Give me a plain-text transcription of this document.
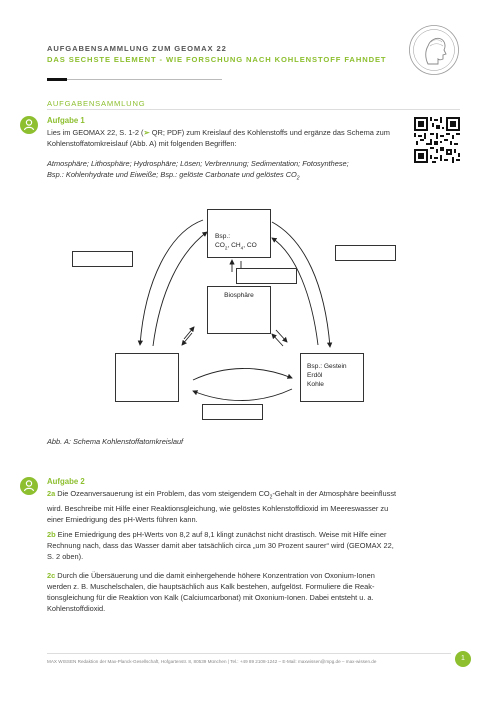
AUFGABENSAMMLUNG ZUM GEOMAX 22
DAS SECHSTE ELEMENT - WIE FORSCHUNG NACH KOHLENSTOFF FAHNDET
AUFGABENSAMMLUNG
Aufgabe 1
Lies im GEOMAX 22, S. 1-2 (➢ QR; PDF) zum Kreislauf des Kohlenstoffs und ergänze das Schema zum
Kohlenstoffatomkreislauf (Abb. A) mit folgenden Begriffen:
Atmosphäre; Lithosphäre; Hydrosphäre; Lösen; Verbrennung; Sedimentation; Fotosynthese;
Bsp.: Kohlenhydrate und Eiweiße; Bsp.: gelöste Carbonate und gelöstes $CO_2$
Bsp.:
$CO_2$, $CH_4$, CO
Biosphäre
Bsp.: Gestein
Erdöl
Kohle
Abb. A: Schema Kohlenstoffatomkreislauf
Aufgabe 2
2a Die Ozeanversauerung ist ein Problem, das vom steigendem $CO_2$-Gehalt in der Atmosphäre beeinflusst
wird. Beschreibe mit Hilfe einer Reaktionsgleichung, wie gelöstes Kohlenstoffdioxid im Meereswasser zu
einer Erniedrigung des pH-Werts führen kann.
2b Eine Erniedrigung des pH-Werts von 8,2 auf 8,1 klingt zunächst nicht drastisch. Weise mit Hilfe einer
Rechnung nach, dass das Wasser damit aber tatsächlich circa „um 30 Prozent saurer“ wird (GEOMAX 22,
S. 2 oben).
2c Durch die Übersäuerung und die damit einhergehende höhere Konzentration von Oxonium-Ionen
werden z. B. Muschelschalen, die hauptsächlich aus Kalk bestehen, aufgelöst. Formuliere die Reak-
tionsgleichung für die Reaktion von Kalk (Calciumcarbonat) mit Oxonium-Ionen. Dabei entsteht u. a.
Kohlenstoffdioxid.
MAX WISSEN Redaktion der Max-Planck-Gesellschaft, Hofgartenstr. 8, 80539 München | Tel.: +49 89 2108-1242 – E-Mail: maxwissen@mpg.de – max-wissen.de	1
